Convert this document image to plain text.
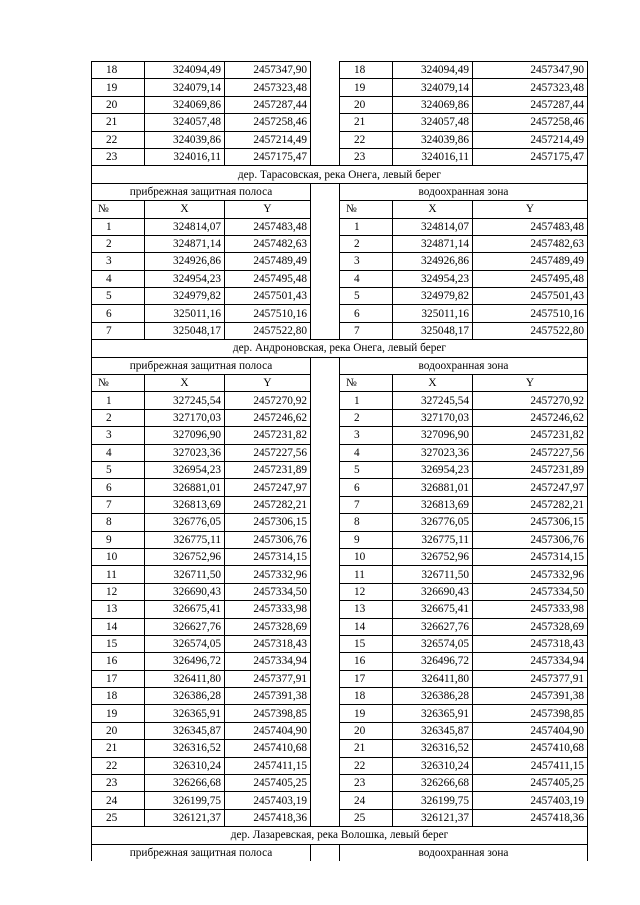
18	324094,49	2457347,90		18	324094,49	2457347,90
19	324079,14	2457323,48		19	324079,14	2457323,48
20	324069,86	2457287,44		20	324069,86	2457287,44
21	324057,48	2457258,46		21	324057,48	2457258,46
22	324039,86	2457214,49		22	324039,86	2457214,49
23	324016,11	2457175,47		23	324016,11	2457175,47
дер. Тарасовская, река Онега, левый берег						
прибрежная защитная полоса				водоохранная зона		
№	X	Y		№	X	Y
1	324814,07	2457483,48		1	324814,07	2457483,48
2	324871,14	2457482,63		2	324871,14	2457482,63
3	324926,86	2457489,49		3	324926,86	2457489,49
4	324954,23	2457495,48		4	324954,23	2457495,48
5	324979,82	2457501,43		5	324979,82	2457501,43
6	325011,16	2457510,16		6	325011,16	2457510,16
7	325048,17	2457522,80		7	325048,17	2457522,80
дер. Андроновская, река Онега, левый берег						
прибрежная защитная полоса				водоохранная зона		
№	X	Y		№	X	Y
1	327245,54	2457270,92		1	327245,54	2457270,92
2	327170,03	2457246,62		2	327170,03	2457246,62
3	327096,90	2457231,82		3	327096,90	2457231,82
4	327023,36	2457227,56		4	327023,36	2457227,56
5	326954,23	2457231,89		5	326954,23	2457231,89
6	326881,01	2457247,97		6	326881,01	2457247,97
7	326813,69	2457282,21		7	326813,69	2457282,21
8	326776,05	2457306,15		8	326776,05	2457306,15
9	326775,11	2457306,76		9	326775,11	2457306,76
10	326752,96	2457314,15		10	326752,96	2457314,15
11	326711,50	2457332,96		11	326711,50	2457332,96
12	326690,43	2457334,50		12	326690,43	2457334,50
13	326675,41	2457333,98		13	326675,41	2457333,98
14	326627,76	2457328,69		14	326627,76	2457328,69
15	326574,05	2457318,43		15	326574,05	2457318,43
16	326496,72	2457334,94		16	326496,72	2457334,94
17	326411,80	2457377,91		17	326411,80	2457377,91
18	326386,28	2457391,38		18	326386,28	2457391,38
19	326365,91	2457398,85		19	326365,91	2457398,85
20	326345,87	2457404,90		20	326345,87	2457404,90
21	326316,52	2457410,68		21	326316,52	2457410,68
22	326310,24	2457411,15		22	326310,24	2457411,15
23	326266,68	2457405,25		23	326266,68	2457405,25
24	326199,75	2457403,19		24	326199,75	2457403,19
25	326121,37	2457418,36		25	326121,37	2457418,36
дер. Лазаревская, река Волошка, левый берег						
прибрежная защитная полоса				водоохранная зона		
